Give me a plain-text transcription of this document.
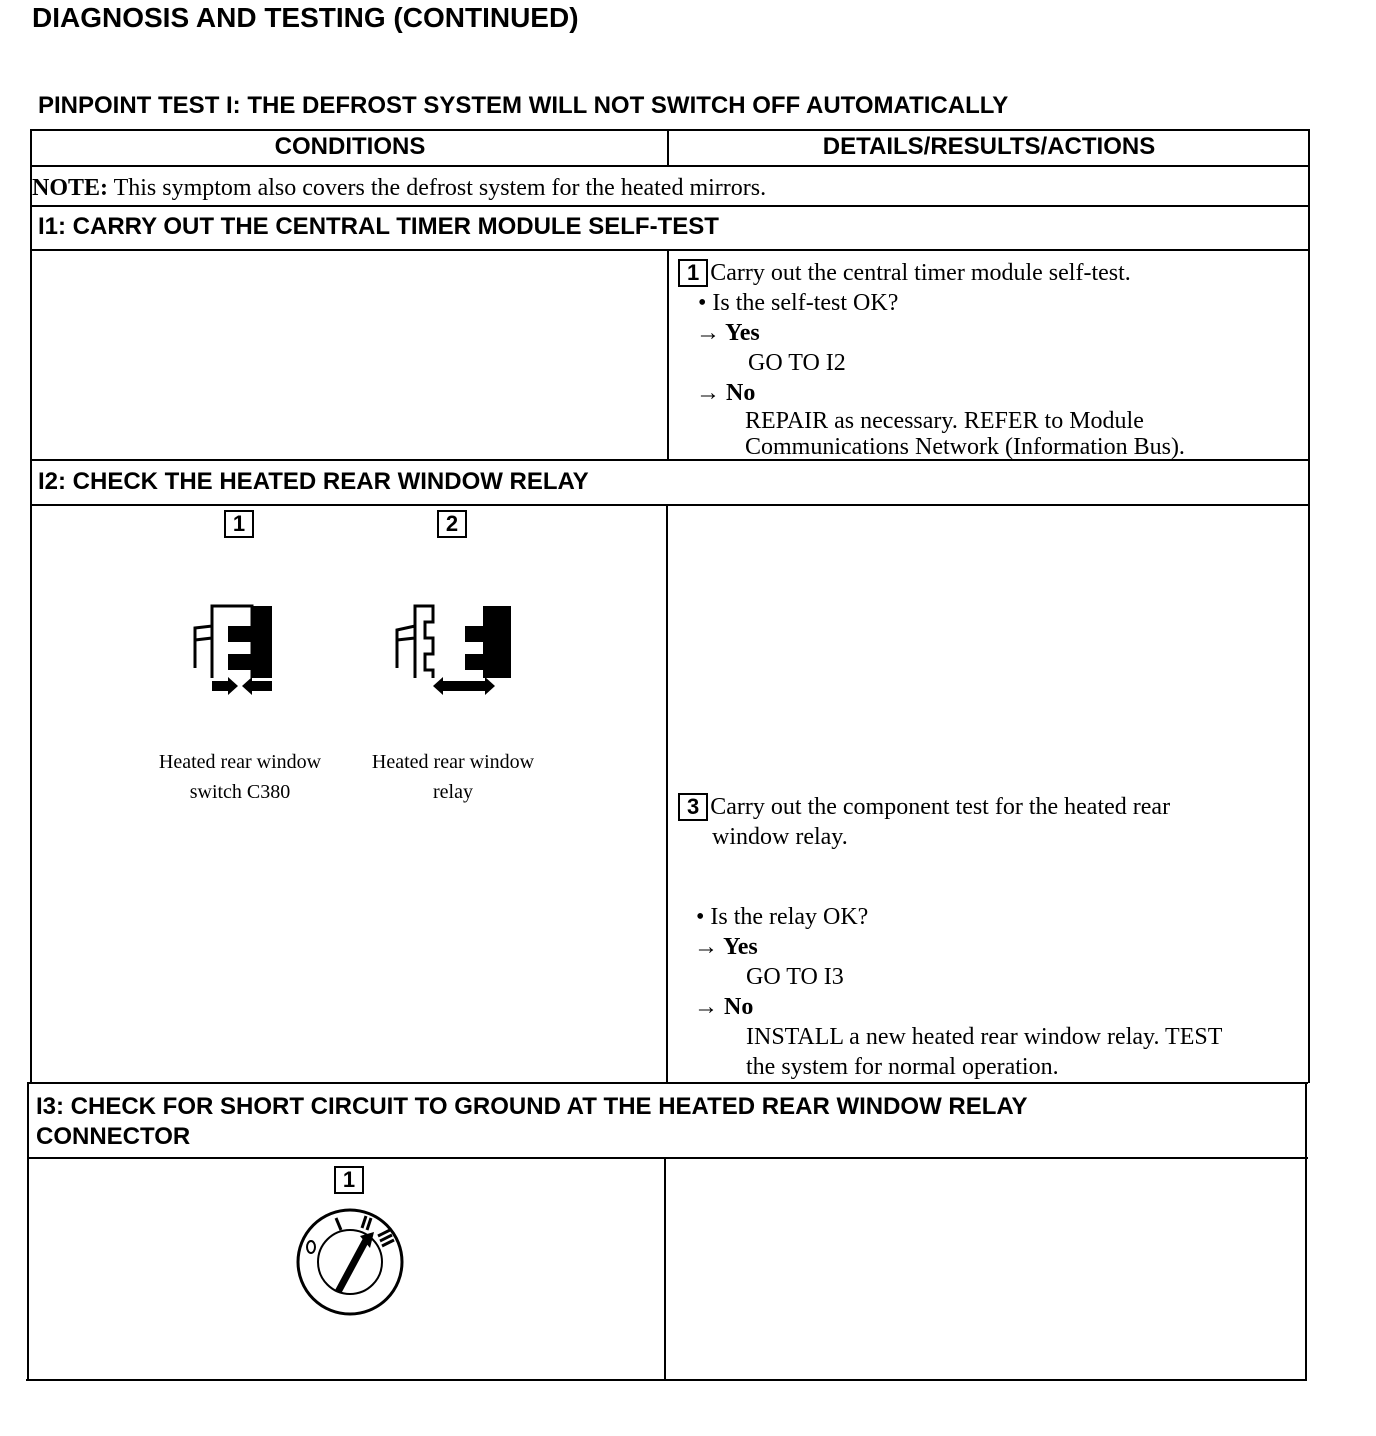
DIAGNOSIS AND TESTING (CONTINUED)
PINPOINT TEST I: THE DEFROST SYSTEM WILL NOT SWITCH OFF AUTOMATICALLY
CONDITIONS	DETAILS/RESULTS/ACTIONS
NOTE: This symptom also covers the defrost system for the heated mirrors.
I1: CARRY OUT THE CENTRAL TIMER MODULE SELF-TEST
1 Carry out the central timer module self-test.
• Is the self-test OK?
→ Yes
GO TO I2
→ No
REPAIR as necessary. REFER to Module
Communications Network (Information Bus).
I2: CHECK THE HEATED REAR WINDOW RELAY
1
Heated rear window
switch C380
2
Heated rear window
relay
3 Carry out the component test for the heated rear
window relay.
• Is the relay OK?
→ Yes
GO TO I3
→ No
INSTALL a new heated rear window relay. TEST
the system for normal operation.
I3: CHECK FOR SHORT CIRCUIT TO GROUND AT THE HEATED REAR WINDOW RELAY
CONNECTOR
1
